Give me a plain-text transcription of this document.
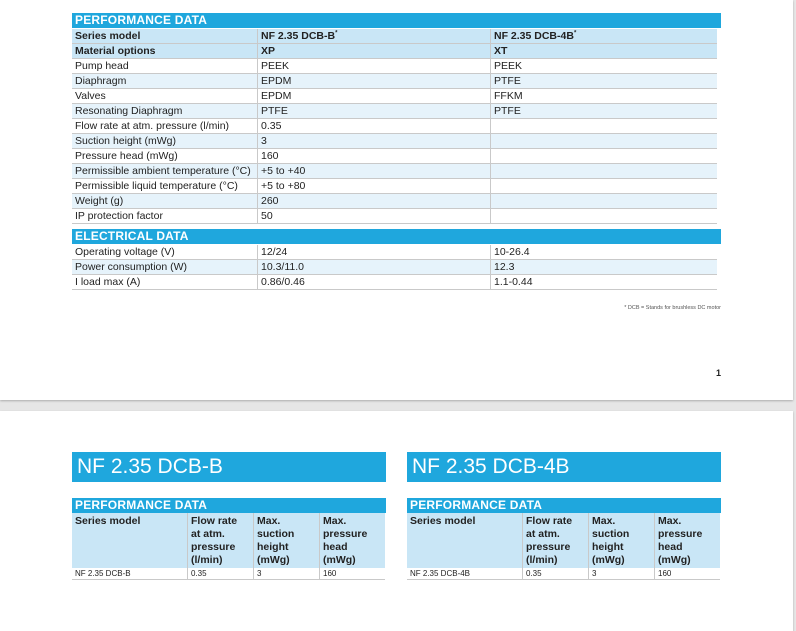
PERFORMANCE DATA
Series model	NF 2.35 DCB-B*	NF 2.35 DCB-4B*
Material options	XP	XT
Pump head	PEEK	PEEK
Diaphragm	EPDM	PTFE
Valves	EPDM	FFKM
Resonating Diaphragm	PTFE	PTFE
Flow rate at atm. pressure (l/min)	0.35	
Suction height (mWg)	3	
Pressure head (mWg)	160	
Permissible ambient temperature (°C)	+5 to +40	
Permissible liquid temperature (°C)	+5 to +80	
Weight (g)	260	
IP protection factor	50	
ELECTRICAL DATA
Operating voltage (V)	12/24	10-26.4
Power consumption (W)	10.3/11.0	12.3
I load max (A)	0.86/0.46	1.1-0.44
* DCB = Stands for brushless DC motor
1
NF 2.35 DCB-B
PERFORMANCE DATA
Series model	Flow rate
at atm.
pressure
(l/min)	Max.
suction
height
(mWg)	Max.
pressure
head
(mWg)

NF 2.35 DCB-B	0.35	3	160
NF 2.35 DCB-4B
PERFORMANCE DATA
Series model	Flow rate
at atm.
pressure
(l/min)	Max.
suction
height
(mWg)	Max.
pressure
head
(mWg)

NF 2.35 DCB-4B	0.35	3	160
